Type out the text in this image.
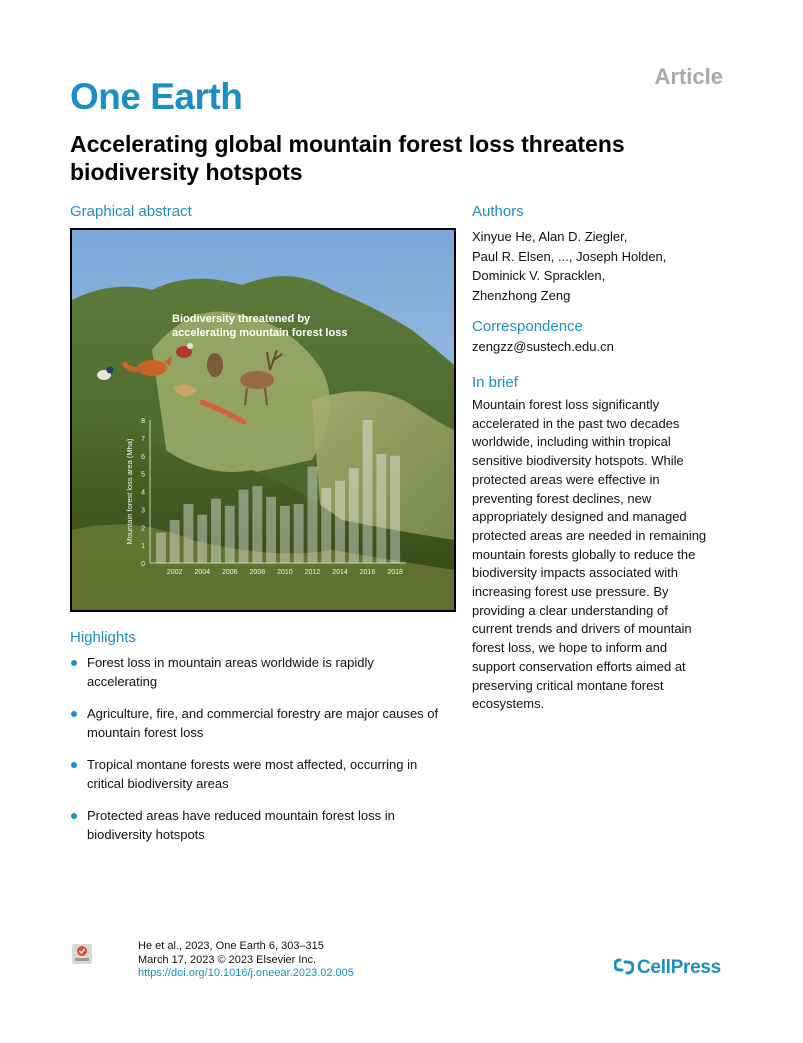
One Earth	Article
Accelerating global mountain forest loss threatens
biodiversity hotspots
Graphical abstract
0
1
2
3
4
5
6
7
8
2002 2004 2006 2008 2010 2012 2014 2016 2018
Mountain forest loss area (Mha)
Biodiversity threatened by
accelerating mountain forest loss
Highlights
Forest loss in mountain areas worldwide is rapidly
accelerating
Agriculture, fire, and commercial forestry are major causes of
mountain forest loss
Tropical montane forests were most affected, occurring in
critical biodiversity areas
Protected areas have reduced mountain forest loss in
biodiversity hotspots
Authors
Xinyue He, Alan D. Ziegler,
Paul R. Elsen, ..., Joseph Holden,
Dominick V. Spracklen,
Zhenzhong Zeng
Correspondence
zengzz@sustech.edu.cn
In brief
Mountain forest loss significantly
accelerated in the past two decades
worldwide, including within tropical
sensitive biodiversity hotspots. While
protected areas were effective in
preventing forest declines, new
appropriately designed and managed
protected areas are needed in remaining
mountain forests globally to reduce the
biodiversity impacts associated with
increasing forest use pressure. By
providing a clear understanding of
current trends and drivers of mountain
forest loss, we hope to inform and
support conservation efforts aimed at
preserving critical montane forest
ecosystems.
He et al., 2023, One Earth 6, 303–315
March 17, 2023 © 2023 Elsevier Inc.
https://doi.org/10.1016/j.oneear.2023.02.005	CellPress
